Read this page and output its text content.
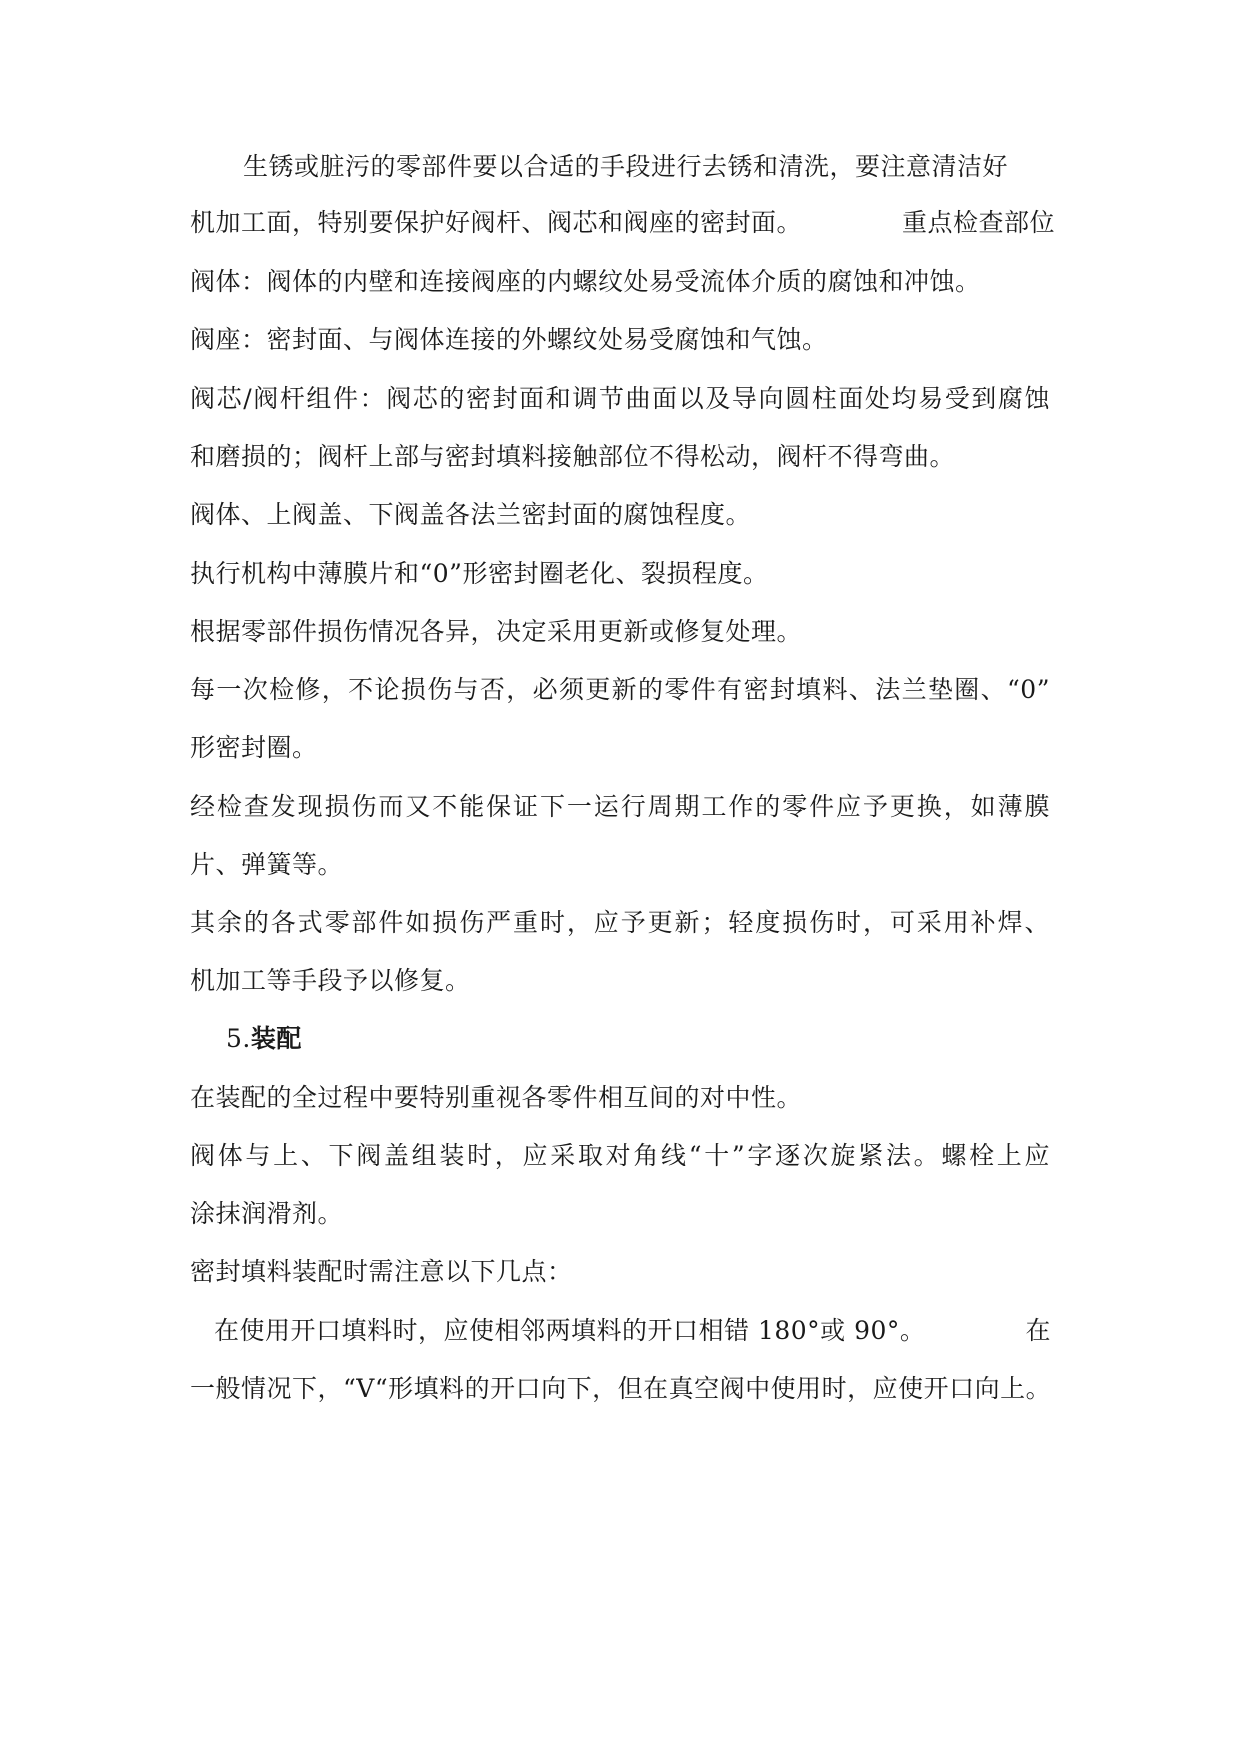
生锈或脏污的零部件要以合适的手段进行去锈和清洗，要注意清洁好
机加工面，特别要保护好阀杆、阀芯和阀座的密封面。	重点检查部位
阀体：阀体的内壁和连接阀座的内螺纹处易受流体介质的腐蚀和冲蚀。
阀座：密封面、与阀体连接的外螺纹处易受腐蚀和气蚀。
阀芯/阀杆组件：阀芯的密封面和调节曲面以及导向圆柱面处均易受到腐蚀
和磨损的；阀杆上部与密封填料接触部位不得松动，阀杆不得弯曲。
阀体、上阀盖、下阀盖各法兰密封面的腐蚀程度。
执行机构中薄膜片和“0”形密封圈老化、裂损程度。
根据零部件损伤情况各异，决定采用更新或修复处理。
每一次检修，不论损伤与否，必须更新的零件有密封填料、法兰垫圈、“0”
形密封圈。
经检查发现损伤而又不能保证下一运行周期工作的零件应予更换，如薄膜
片、弹簧等。
其余的各式零部件如损伤严重时，应予更新；轻度损伤时，可采用补焊、
机加工等手段予以修复。
5.装配
在装配的全过程中要特别重视各零件相互间的对中性。
阀体与上、下阀盖组装时，应采取对角线“十”字逐次旋紧法。螺栓上应
涂抹润滑剂。
密封填料装配时需注意以下几点：
在使用开口填料时，应使相邻两填料的开口相错 180°或 90°。	在
一般情况下，“V“形填料的开口向下，但在真空阀中使用时，应使开口向上。
